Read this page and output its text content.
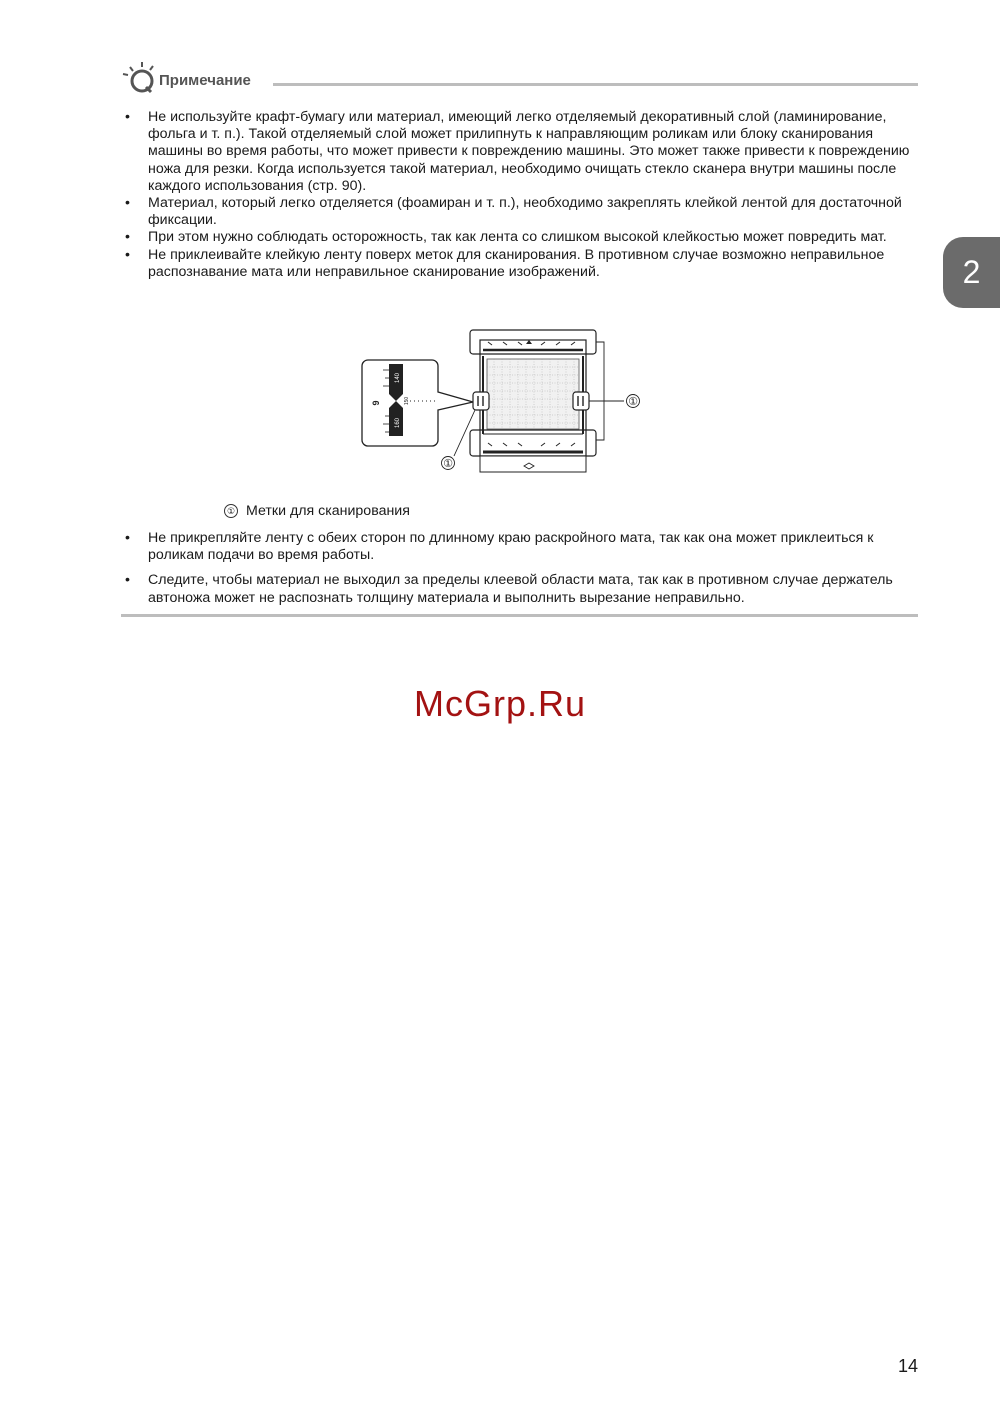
Примечание
2
• Не используйте крафт-бумагу или материал, имеющий легко отделяемый декоративный слой (ламинирование, фольга и т. п.). Такой отделяемый слой может прилипнуть к направляющим роликам или блоку сканирования машины во время работы, что может привести к повреждению машины. Это может также привести к повреждению ножа для резки. Когда используется такой материал, необходимо очищать стекло сканера внутри машины после каждого использования (стр. 90).
• Материал, который легко отделяется (фоамиран и т. п.), необходимо закреплять клейкой лентой для достаточной фиксации.
• При этом нужно соблюдать осторожность, так как лента со слишком высокой клейкостью может повредить мат.
• Не приклеивайте клейкую ленту поверх меток для сканирования. В противном случае возможно неправильное распознавание мата или неправильное сканирование изображений.
140
150
160
9	①
①
① Метки для сканирования
• Не прикрепляйте ленту с обеих сторон по длинному краю раскройного мата, так как она может приклеиться к роликам подачи во время работы.
• Следите, чтобы материал не выходил за пределы клеевой области мата, так как в противном случае держатель автоножа может не распознать толщину материала и выполнить вырезание неправильно.
McGrp.Ru
14
